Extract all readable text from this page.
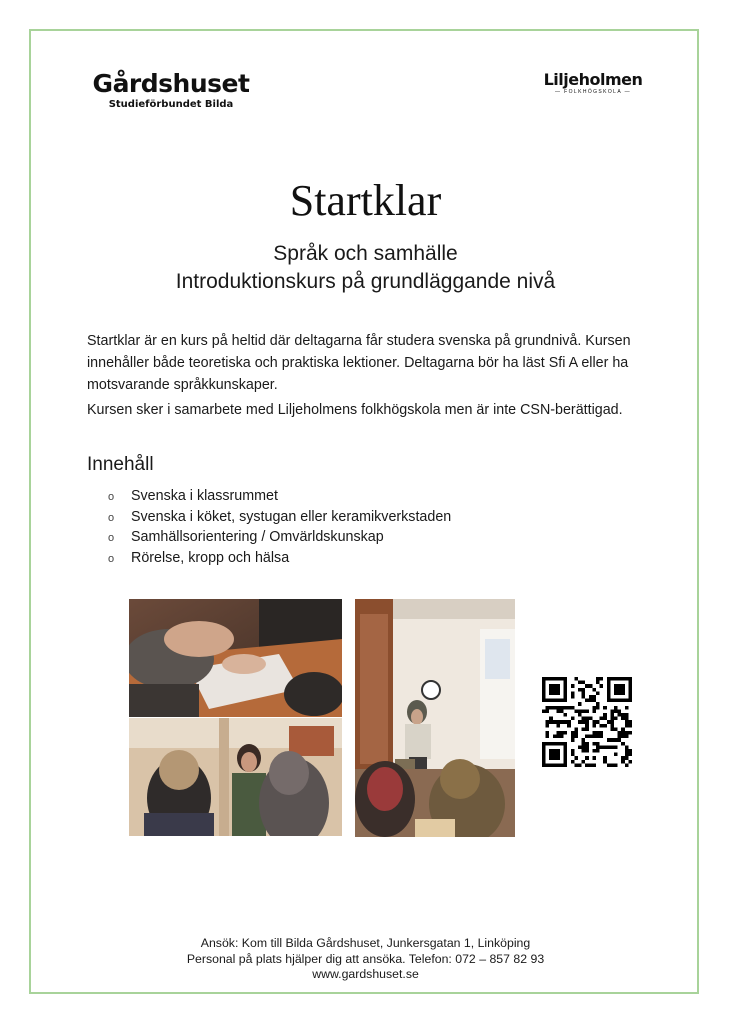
Gårdshuset
Studieförbundet Bilda
Liljeholmen
— FOLKHÖGSKOLA —
Startklar
Språk och samhälle
Introduktionskurs på grundläggande nivå
Startklar är en kurs på heltid där deltagarna får studera svenska på grundnivå. Kursen innehåller både teoretiska och praktiska lektioner. Deltagarna bör ha läst Sfi A eller ha motsvarande språkkunskaper.
Kursen sker i samarbete med Liljeholmens folkhögskola men är inte CSN-berättigad.
Innehåll
o Svenska i klassrummet
o Svenska i köket, systugan eller keramikverkstaden
o Samhällsorientering / Omvärldskunskap
o Rörelse, kropp och hälsa
Ansök: Kom till Bilda Gårdshuset, Junkersgatan 1, Linköping
Personal på plats hjälper dig att ansöka. Telefon: 072 – 857 82 93
www.gardshuset.se
